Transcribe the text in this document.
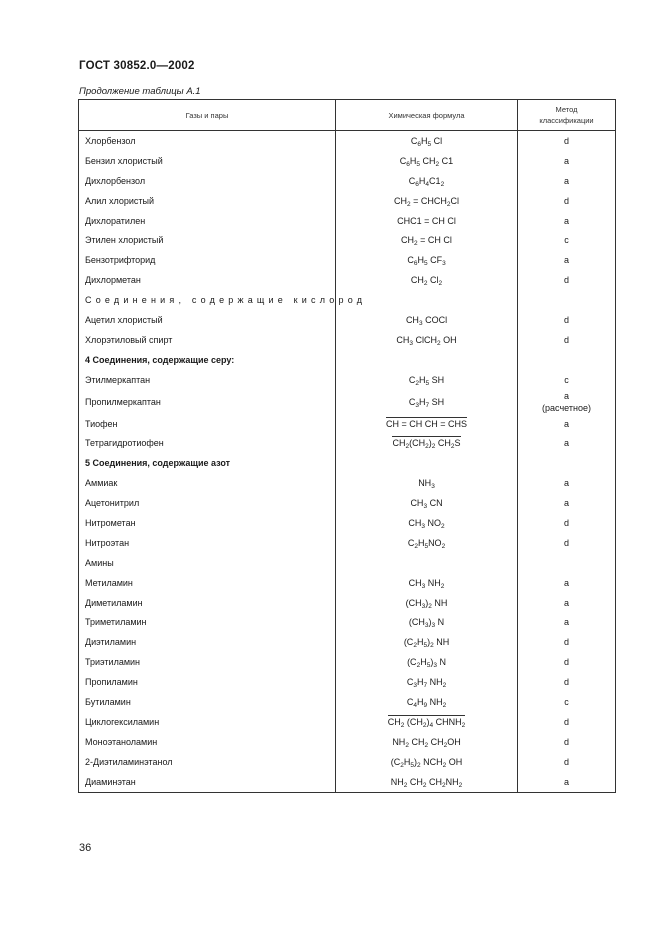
ГОСТ 30852.0—2002
Продолжение таблицы А.1
Газы и пары	Химическая формула	Метод классификации
Хлорбензол	$C_6H_5$ Cl	d
Бензил хлористый	$C_6H_5$ $CH_2$ C1	a
Дихлорбензол	$C_6H_4C1_2$	a
Алил хлористый	$CH_2$ = $CHCH_2Cl$	d
Дихлоратилен	CHC1 = CH Cl	a
Этилен хлористый	$CH_2$ = CH Cl	c
Бензотрифторид	$C_6H_5$ $CF_3$	a
Дихлорметан	$CH_2$ $Cl_2$	d
Соединения, содержащие кислород		
Ацетил хлористый	$CH_3$ COCl	d
Хлорэтиловый спирт	$CH_3$ ClCH$_2$ OH	d
4 Соединения, содержащие серу:		
Этилмеркаптан	$C_2H_5$ SH	c
Пропилмеркаптан	$C_3H_7$ SH	a
(расчетное)
Тиофен	CH = CH CH = CHS	a
Тетрагидротиофен	$CH_2(CH_2)_2$ $CH_2S$	a
5 Соединения, содержащие азот		
Аммиак	$NH_3$	a
Ацетонитрил	$CH_3$ CN	a
Нитрометан	$CH_3$ $NO_2$	d
Нитроэтан	$C_2H_5NO_2$	d
Амины		
Метиламин	$CH_3$ $NH_2$	a
Диметиламин	$(CH_3)_2$ NH	a
Триметиламин	$(CH_3)_3$ N	a
Диэтиламин	$(C_2H_5)_2$ NH	d
Триэтиламин	$(C_2H_5)_3$ N	d
Пропиламин	$C_3H_7$ $NH_2$	d
Бутиламин	$C_4H_9$ $NH_2$	c
Циклогексиламин	$CH_2$ $(CH_2)_4$ $CHNH_2$	d
Моноэтаноламин	$NH_2$ $CH_2$ $CH_2OH$	d
2-Диэтиламинэтанол	$(C_2H_5)_2$ $NCH_2$ OH	d
Диаминэтан	$NH_2$ $CH_2$ $CH_2NH_2$	a
36
